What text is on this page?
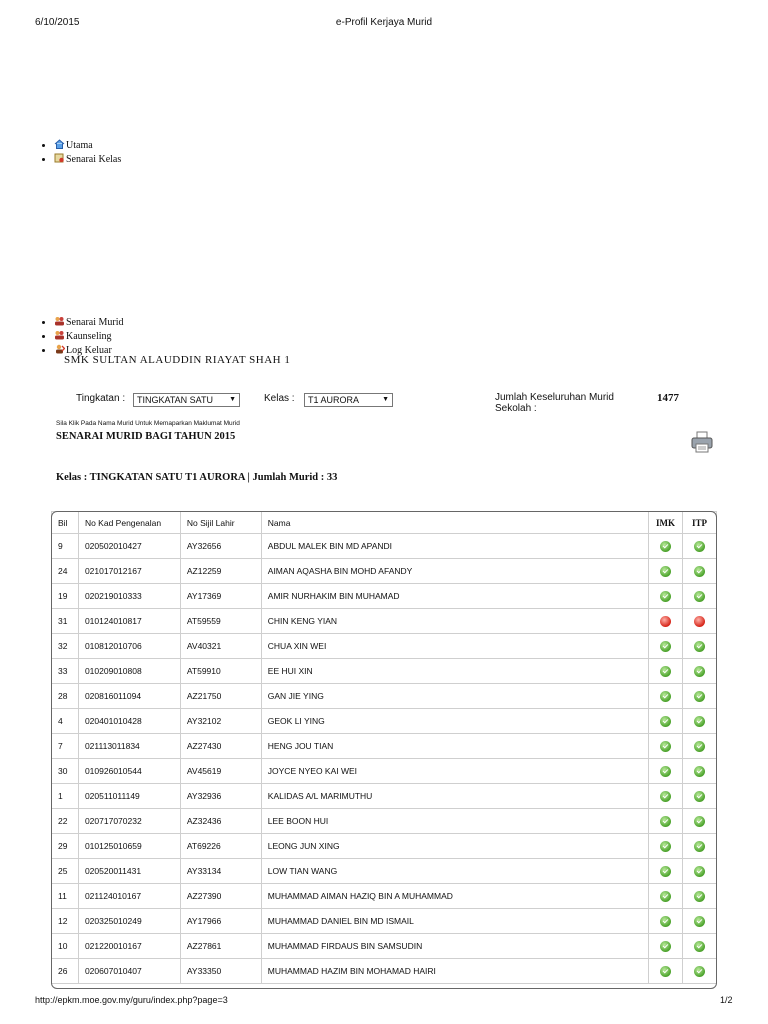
6/10/2015	e-Profil Kerjaya Murid
• Utama
• Senarai Kelas
• Senarai Murid
• Kaunseling
• Log Keluar
SMK SULTAN ALAUDDIN RIAYAT SHAH 1
Tingkatan :	TINGKATAN SATU ▼	Kelas :	T1 AURORA	▼	Jumlah Keseluruhan Murid
Sekolah :
1477
Sila Klik Pada Nama Murid Untuk Memaparkan Maklumat Murid
SENARAI MURID BAGI TAHUN 2015
Kelas : TINGKATAN SATU T1 AURORA | Jumlah Murid : 33
Bil	No Kad Pengenalan	No Sijil Lahir	Nama	IMK	ITP
9	020502010427	AY32656	ABDUL MALEK BIN MD APANDI		
24	021017012167	AZ12259	AIMAN AQASHA BIN MOHD AFANDY		
19	020219010333	AY17369	AMIR NURHAKIM BIN MUHAMAD		
31	010124010817	AT59559	CHIN KENG YIAN		
32	010812010706	AV40321	CHUA XIN WEI		
33	010209010808	AT59910	EE HUI XIN		
28	020816011094	AZ21750	GAN JIE YING		
4	020401010428	AY32102	GEOK LI YING		
7	021113011834	AZ27430	HENG JOU TIAN		
30	010926010544	AV45619	JOYCE NYEO KAI WEI		
1	020511011149	AY32936	KALIDAS A/L MARIMUTHU		
22	020717070232	AZ32436	LEE BOON HUI		
29	010125010659	AT69226	LEONG JUN XING		
25	020520011431	AY33134	LOW TIAN WANG		
11	021124010167	AZ27390	MUHAMMAD AIMAN HAZIQ BIN A MUHAMMAD		
12	020325010249	AY17966	MUHAMMAD DANIEL BIN MD ISMAIL		
10	021220010167	AZ27861	MUHAMMAD FIRDAUS BIN SAMSUDIN		
26	020607010407	AY33350	MUHAMMAD HAZIM BIN MOHAMAD HAIRI		
http://epkm.moe.gov.my/guru/index.php?page=3	1/2
